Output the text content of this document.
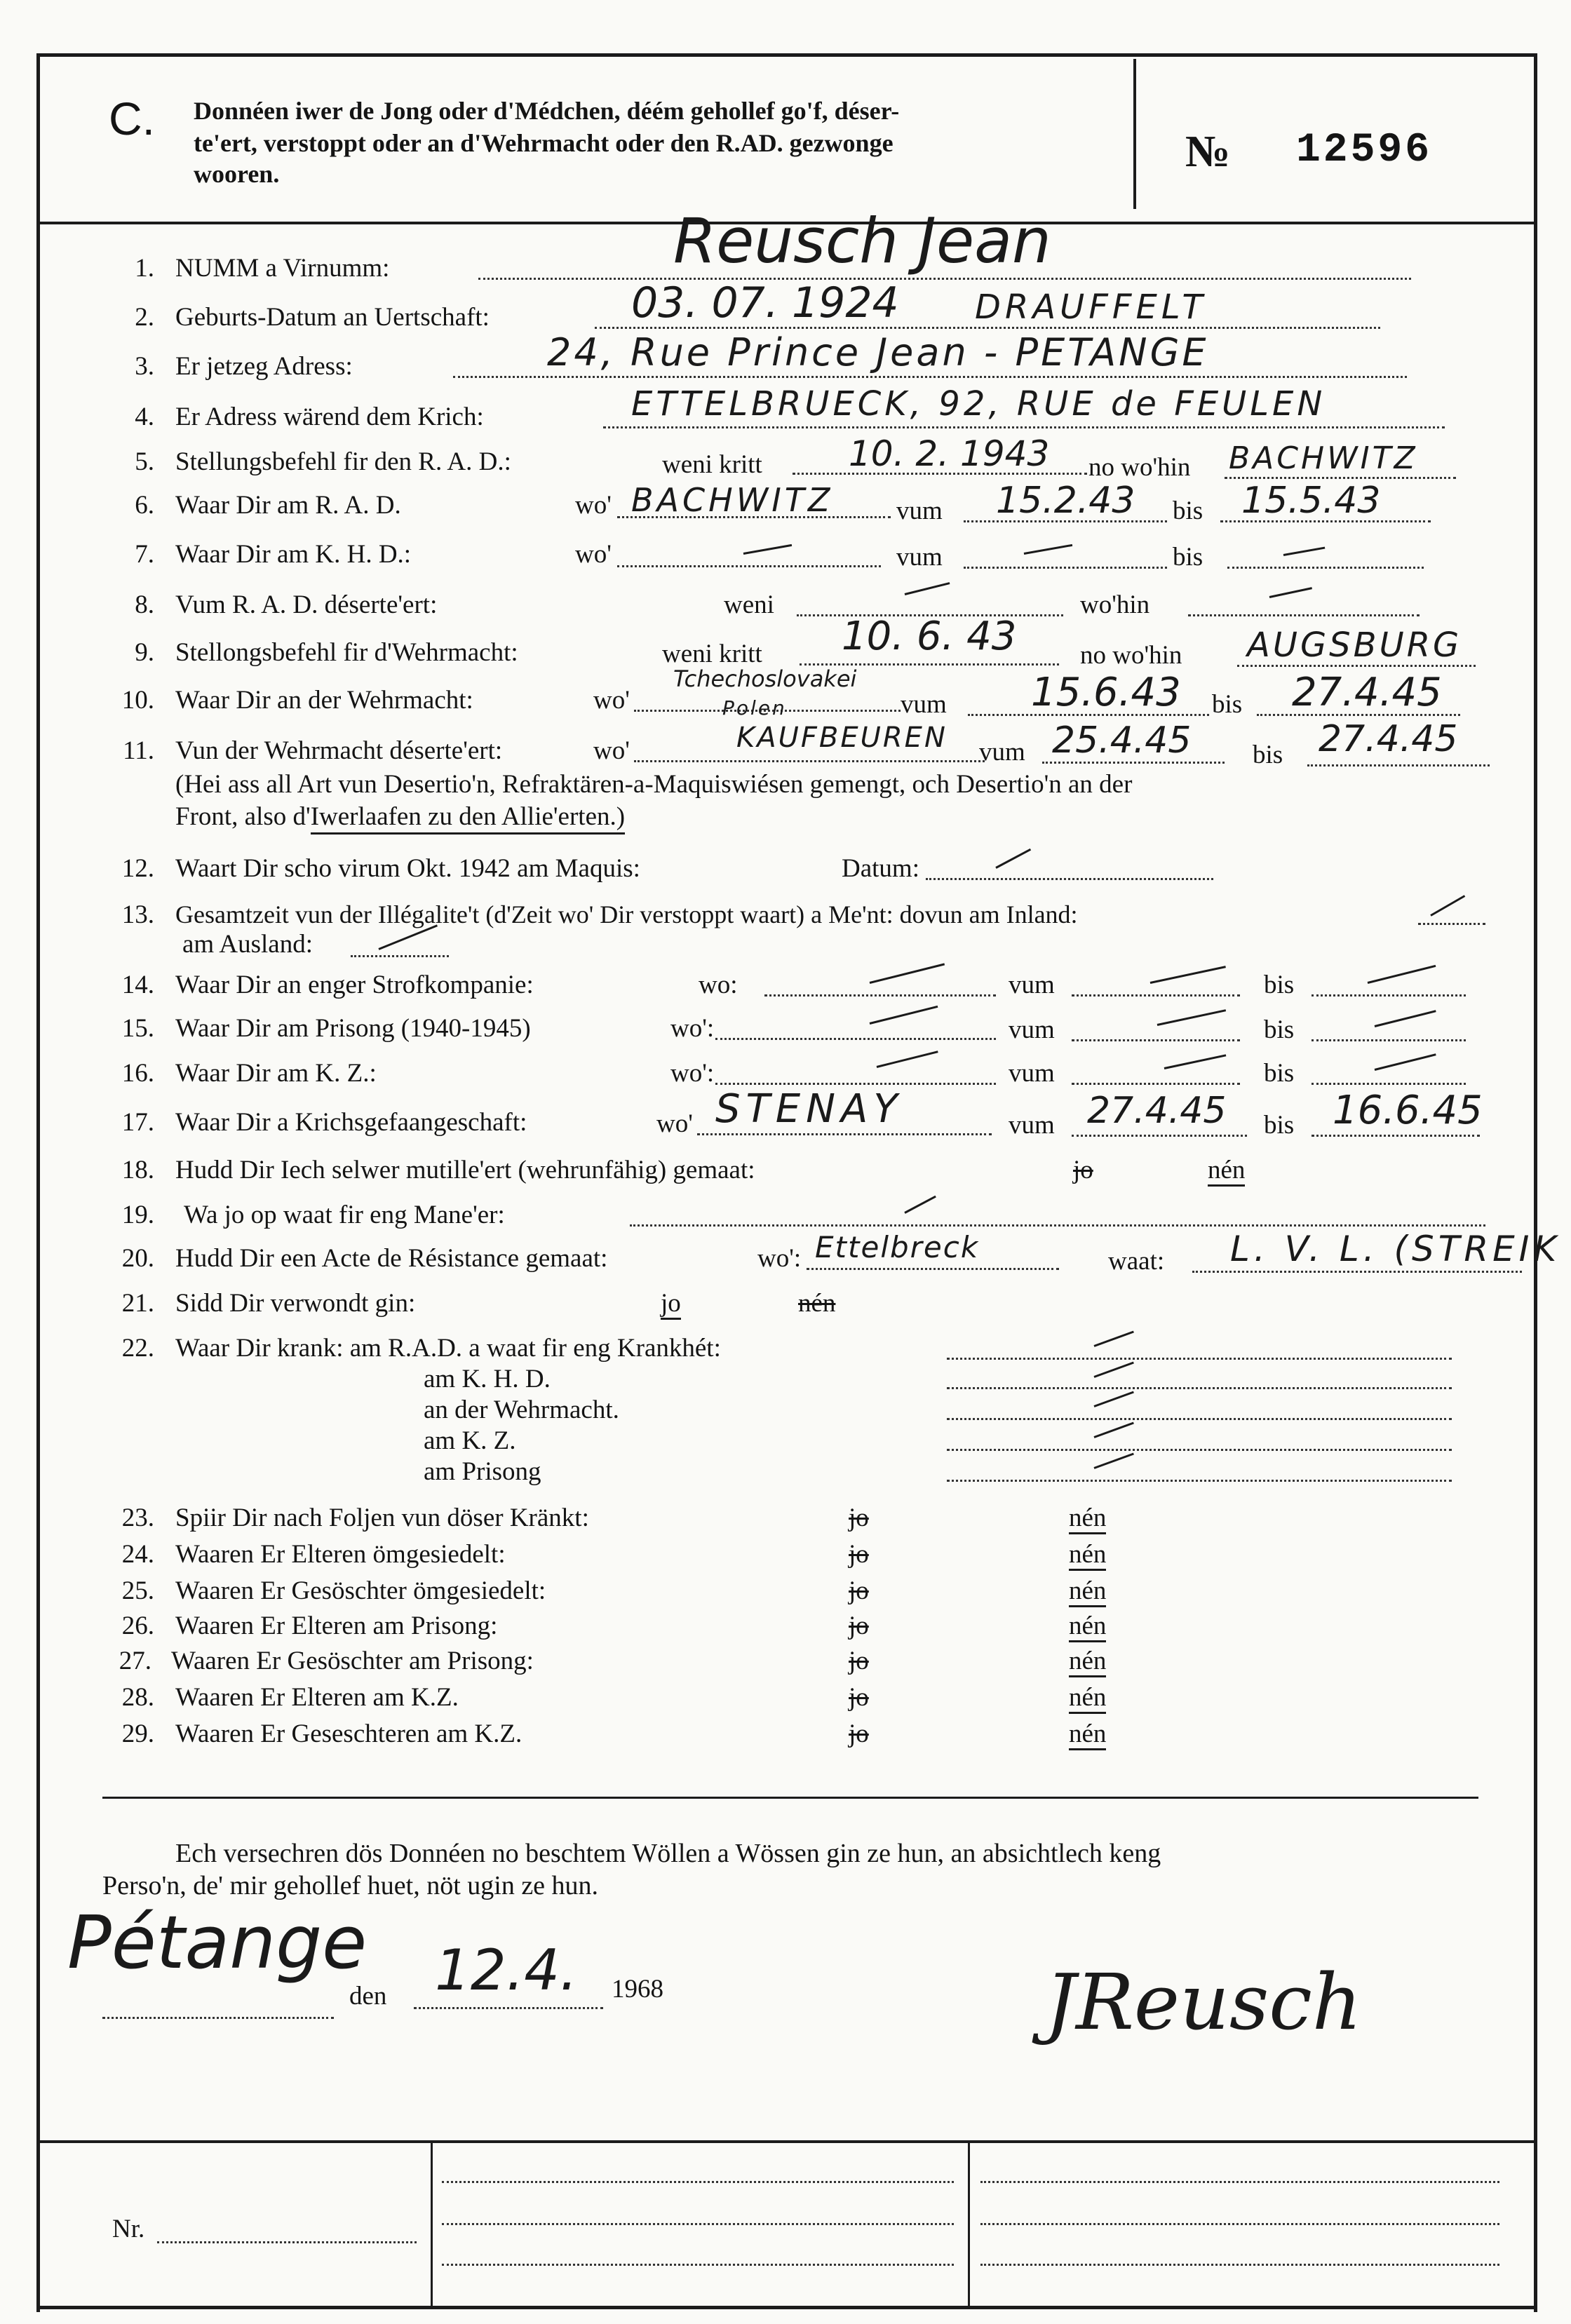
C. Donnéen iwer de Jong oder d'Médchen, déém gehollef go'f, déser-
te'ert, verstoppt oder an d'Wehrmacht oder den R.AD. gezwonge
wooren.	№ 12596
1. NUMM a Virnumm:	Reusch Jean
2. Geburts-Datum an Uertschaft:	03. 07. 1924 DRAUFFELT
3. Er jetzeg Adress:	24, Rue Prince Jean - PETANGE
4. Er Adress wärend dem Krich:	ETTELBRUECK, 92, RUE de FEULEN
5. Stellungsbefehl fir den R. A. D.:	weni kritt 10. 2. 1943 no wo'hin BACHWITZ
6. Waar Dir am R. A. D.	wo' BACHWITZ vum 15.2.43 bis 15.5.43
7. Waar Dir am K. H. D.:	wo'	vum	bis
8. Vum R. A. D. déserte'ert:	weni	wo'hin
9. Stellongsbefehl fir d'Wehrmacht:	weni kritt 10. 6. 43 no wo'hin AUGSBURG
10. Waar Dir an der Wehrmacht:	wo'
Tchechoslovakei
Polen	vum 15.6.43 bis 27.4.45
11. Vun der Wehrmacht déserte'ert:	wo'	KAUFBEUREN vum 25.4.45 bis 27.4.45
(Hei ass all Art vun Desertio'n, Refraktären-a-Maquiswiésen gemengt, och Desertio'n an der
Front, also d'Iwerlaafen zu den Allie'erten.)
12. Waart Dir scho virum Okt. 1942 am Maquis:	Datum:
13. Gesamtzeit vun der Illégalite't (d'Zeit wo' Dir verstoppt waart) a Me'nt: dovun am Inland:
am Ausland:
14. Waar Dir an enger Strofkompanie:	wo:	vum	bis
15. Waar Dir am Prisong (1940-1945)	wo':	vum	bis
16. Waar Dir am K. Z.:	wo':	vum	bis
17. Waar Dir a Krichsgefaangeschaft:	wo' STENAY	vum 27.4.45 bis 16.6.45
18. Hudd Dir Iech selwer mutille'ert (wehrunfähig) gemaat:	jo	nén
19. Wa jo op waat fir eng Mane'er:
20. Hudd Dir een Acte de Résistance gemaat:	wo': Ettelbreck	waat: L. V. L. (STREIK
21. Sidd Dir verwondt gin:	jo	nén
22. Waar Dir krank: am R.A.D. a waat fir eng Krankhét:
am K. H. D.
an der Wehrmacht.
am K. Z.
am Prisong
23. Spiir Dir nach Foljen vun döser Kränkt:	jo	nén
24. Waaren Er Elteren ömgesiedelt:	jo	nén
25. Waaren Er Gesöschter ömgesiedelt:	jo	nén
26. Waaren Er Elteren am Prisong:	jo	nén
27. Waaren Er Gesöschter am Prisong:	jo	nén
28. Waaren Er Elteren am K.Z.	jo	nén
29. Waaren Er Geseschteren am K.Z.	jo	nén
Ech versechren dös Donnéen no beschtem Wöllen a Wössen gin ze hun, an absichtlech keng
Perso'n, de' mir gehollef huet, nöt ugin ze hun.
Pétange
den 12.4. 1968	JReusch
Nr.
